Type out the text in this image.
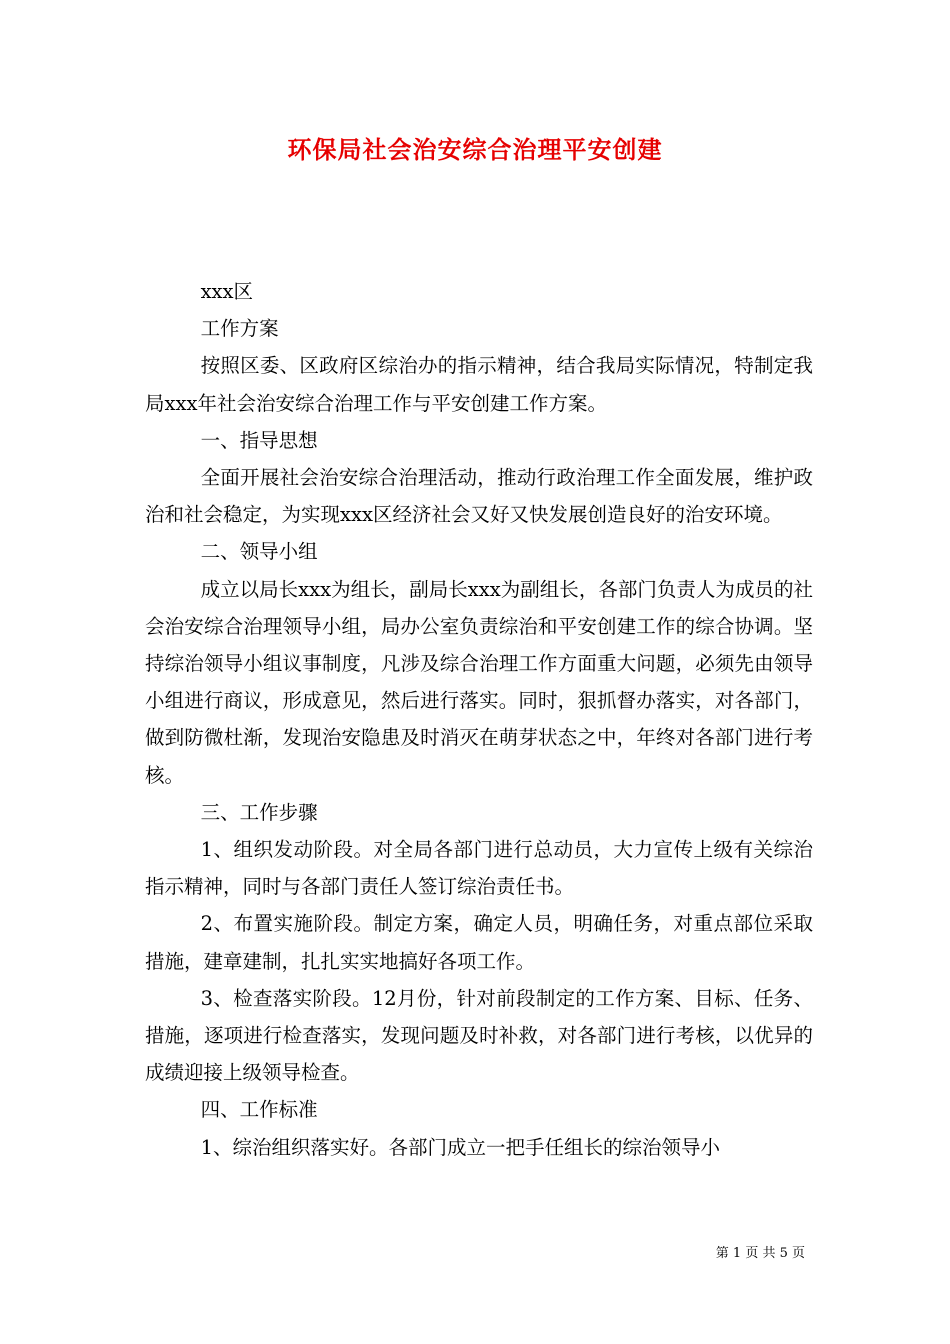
环保局社会治安综合治理平安创建

xxx区

工作方案

按照区委、区政府区综治办的指示精神，结合我局实际情况，特制定我局xxx年社会治安综合治理工作与平安创建工作方案。

一、指导思想

全面开展社会治安综合治理活动，推动行政治理工作全面发展，维护政治和社会稳定，为实现xxx区经济社会又好又快发展创造良好的治安环境。

二、领导小组

成立以局长xxx为组长，副局长xxx为副组长，各部门负责人为成员的社会治安综合治理领导小组，局办公室负责综治和平安创建工作的综合协调。坚持综治领导小组议事制度，凡涉及综合治理工作方面重大问题，必须先由领导小组进行商议，形成意见，然后进行落实。同时，狠抓督办落实，对各部门，做到防微杜渐，发现治安隐患及时消灭在萌芽状态之中，年终对各部门进行考核。

三、工作步骤

1、组织发动阶段。对全局各部门进行总动员，大力宣传上级有关综治指示精神，同时与各部门责任人签订综治责任书。

2、布置实施阶段。制定方案，确定人员，明确任务，对重点部位采取措施，建章建制，扎扎实实地搞好各项工作。

3、检查落实阶段。12月份，针对前段制定的工作方案、目标、任务、措施，逐项进行检查落实，发现问题及时补救，对各部门进行考核，以优异的成绩迎接上级领导检查。

四、工作标准

1、综治组织落实好。各部门成立一把手任组长的综治领导小

第 1 页 共 5 页
